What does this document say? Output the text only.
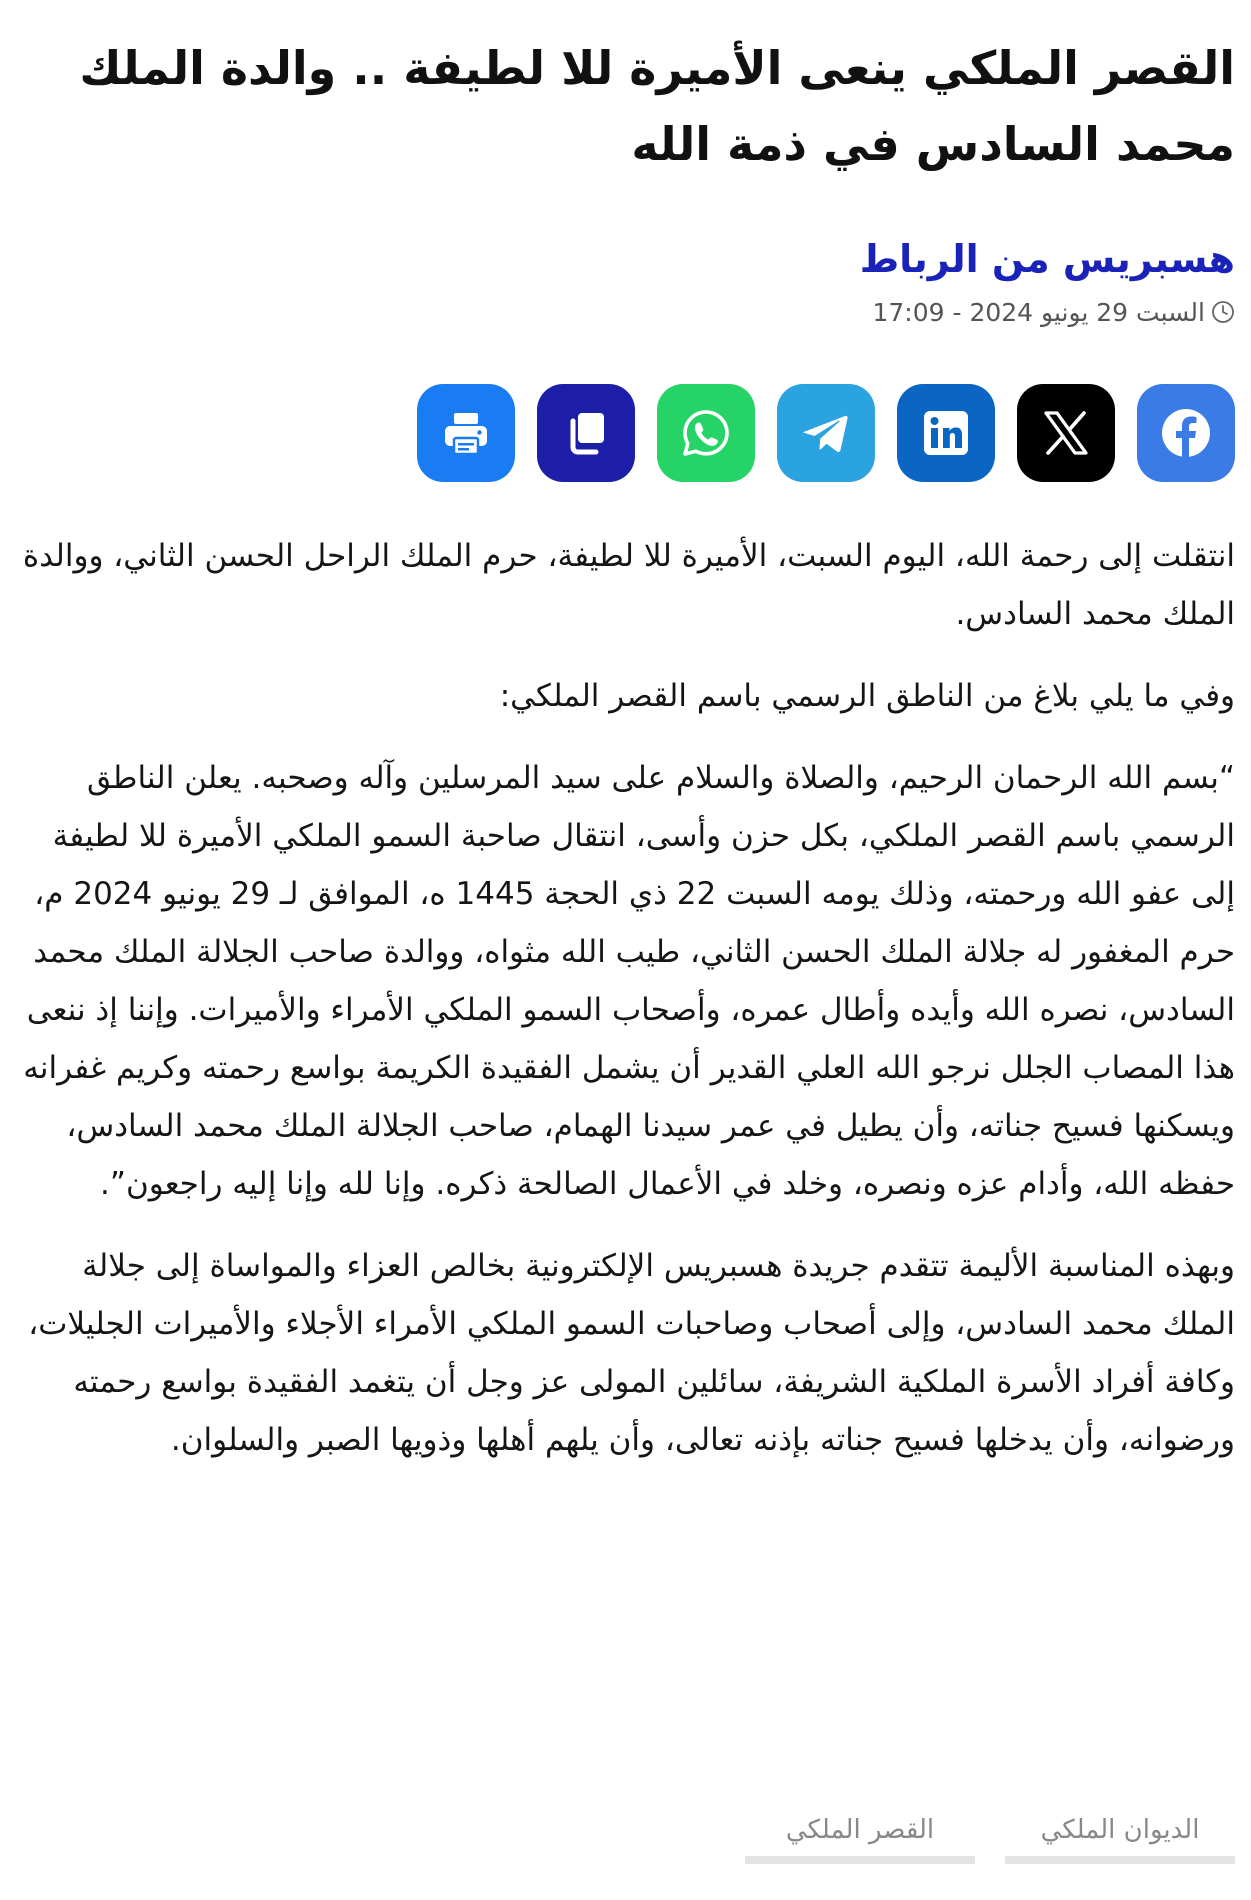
القصر الملكي ينعى الأميرة للا لطيفة .. والدة الملك محمد السادس في ذمة الله
هسبريس من الرباط
السبت 29 يونيو 2024 - 17:09

انتقلت إلى رحمة الله، اليوم السبت، الأميرة للا لطيفة، حرم الملك الراحل الحسن الثاني، ووالدة الملك محمد السادس.

وفي ما يلي بلاغ من الناطق الرسمي باسم القصر الملكي:

“بسم الله الرحمان الرحيم، والصلاة والسلام على سيد المرسلين وآله وصحبه. يعلن الناطق الرسمي باسم القصر الملكي، بكل حزن وأسى، انتقال صاحبة السمو الملكي الأميرة للا لطيفة إلى عفو الله ورحمته، وذلك يومه السبت 22 ذي الحجة 1445 ه، الموافق لـ 29 يونيو 2024 م، حرم المغفور له جلالة الملك الحسن الثاني، طيب الله مثواه، ووالدة صاحب الجلالة الملك محمد السادس، نصره الله وأيده وأطال عمره، وأصحاب السمو الملكي الأمراء والأميرات. وإننا إذ ننعى هذا المصاب الجلل نرجو الله العلي القدير أن يشمل الفقيدة الكريمة بواسع رحمته وكريم غفرانه ويسكنها فسيح جناته، وأن يطيل في عمر سيدنا الهمام، صاحب الجلالة الملك محمد السادس، حفظه الله، وأدام عزه ونصره، وخلد في الأعمال الصالحة ذكره. وإنا لله وإنا إليه راجعون”.

وبهذه المناسبة الأليمة تتقدم جريدة هسبريس الإلكترونية بخالص العزاء والمواساة إلى جلالة الملك محمد السادس، وإلى أصحاب وصاحبات السمو الملكي الأمراء الأجلاء والأميرات الجليلات، وكافة أفراد الأسرة الملكية الشريفة، سائلين المولى عز وجل أن يتغمد الفقيدة بواسع رحمته ورضوانه، وأن يدخلها فسيح جناته بإذنه تعالى، وأن يلهم أهلها وذويها الصبر والسلوان.

الديوان الملكي
القصر الملكي
